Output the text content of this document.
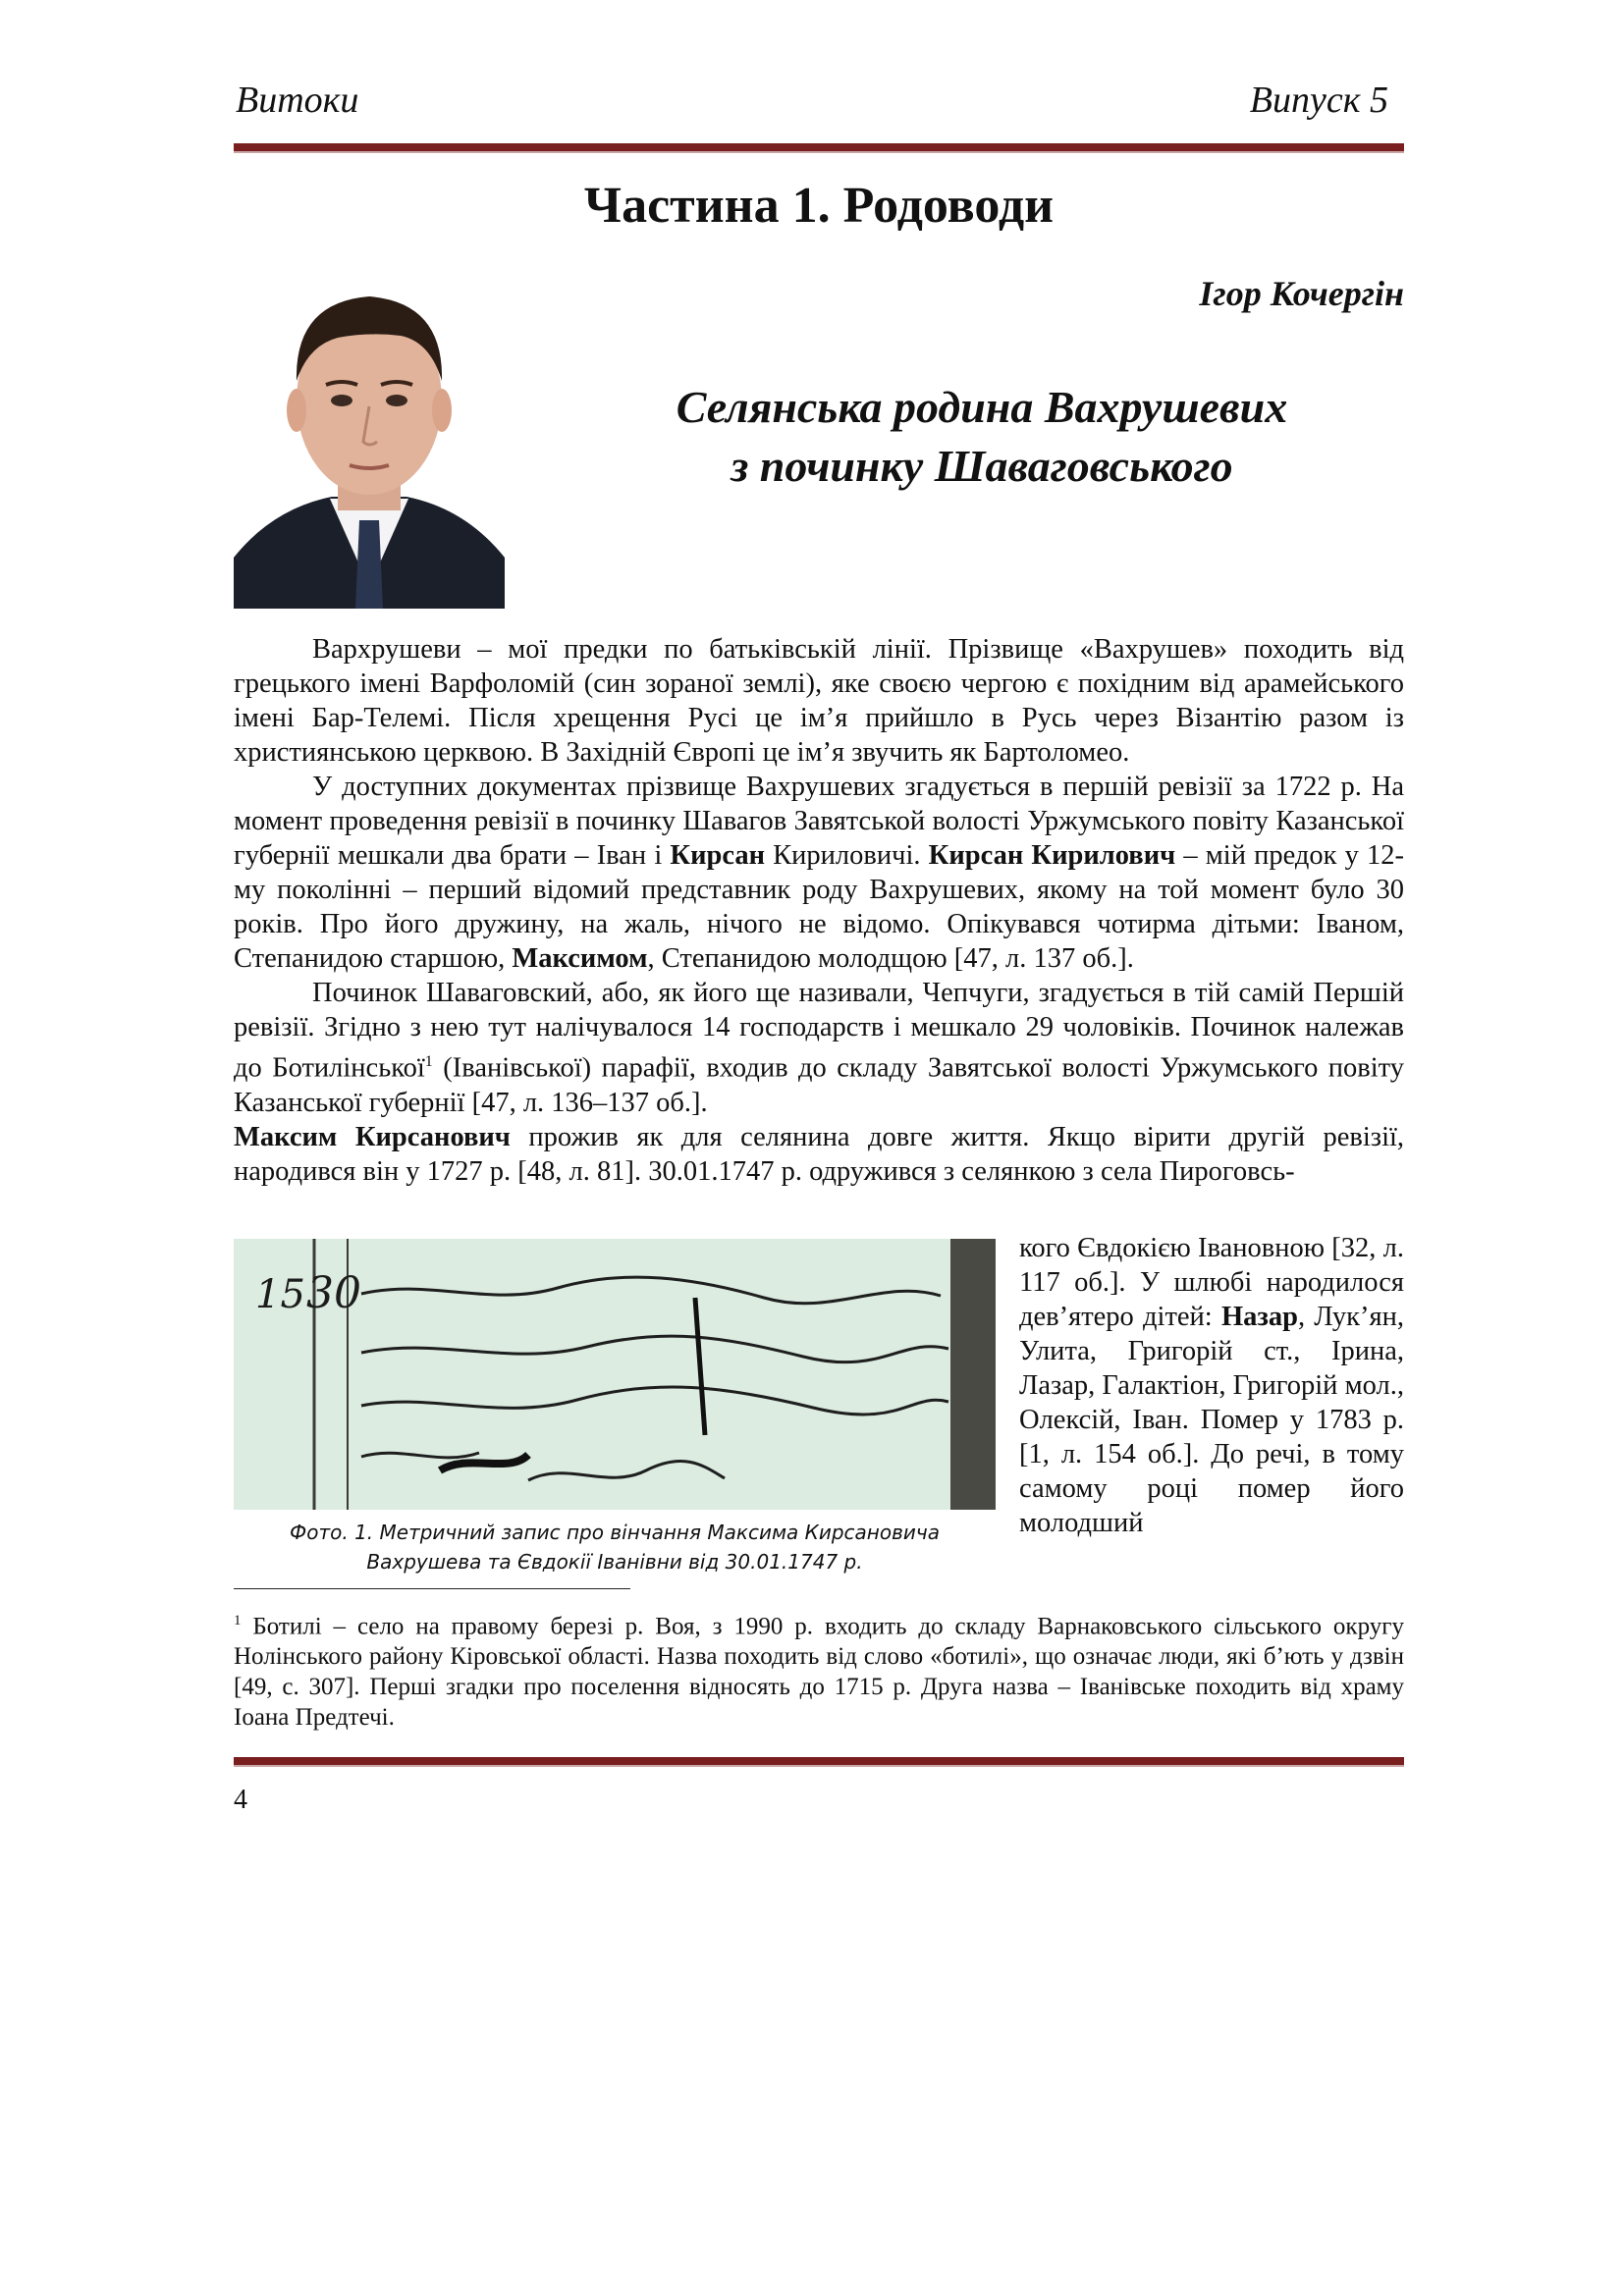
Витоки	Випуск 5
Частина 1. Родоводи
Ігор Кочергін
Селянська родина Вахрушевих
з починку Шаваговського

Вархрушеви – мої предки по батьківській лінії. Прізвище «Вахрушев» походить від грецького імені Варфоломій (син зораної землі), яке своєю чергою є похідним від арамейського імені Бар-Телемі. Після хрещення Русі це ім’я прийшло в Русь через Візантію разом із християнською церквою. В Західній Європі це ім’я звучить як Бартоломео.

У доступних документах прізвище Вахрушевих згадується в першій ревізії за 1722 р. На момент проведення ревізії в починку Шавагов Завятськой волості Уржумського повіту Казанської губернії мешкали два брати – Іван і Кирсан Кириловичі. Кирсан Кирилович – мій предок у 12-му поколінні – перший відомий представник роду Вахрушевих, якому на той момент було 30 років. Про його дружину, на жаль, нічого не відомо. Опікувався чотирма дітьми: Іваном, Степанидою старшою, Максимом, Степанидою молодщою [47, л. 137 об.].

Починок Шаваговский, або, як його ще називали, Чепчуги, згадується в тій самій Першій ревізії. Згідно з нею тут налічувалося 14 господарств і мешкало 29 чоловіків. Починок належав до Ботилінської$^1$ (Іванівської) парафії, входив до складу Завятської волості Уржумського повіту Казанської губернії [47, л. 136–137 об.].

Максим Кирсанович прожив як для селянина довге життя. Якщо вірити другій ревізії, народився він у 1727 р. [48, л. 81]. 30.01.1747 р. одружився з селянкою з села Пироговсь-

15 30
Фото. 1. Метричний запис про вінчання Максима Кирсановича
Вахрушева та Євдокії Іванівни від 30.01.1747 р.
кого Євдокією Івановною [32, л. 117 об.]. У шлюбі народилося дев’ятеро дітей: Назар, Лук’ян, Улита, Григорій ст., Ірина, Лазар, Галактіон, Григорій мол., Олексій, Іван. Помер у 1783 р. [1, л. 154 об.]. До речі, в тому самому році помер його молодший
$^1$ Ботилі – село на правому березі р. Воя, з 1990 р. входить до складу Варнаковського сільського округу Нолінського району Кіровської області. Назва походить від слово «ботилі», що означає люди, які б’ють у дзвін [49, с. 307]. Перші згадки про поселення відносять до 1715 р. Друга назва – Іванівське походить від храму Іоана Предтечі.
4
